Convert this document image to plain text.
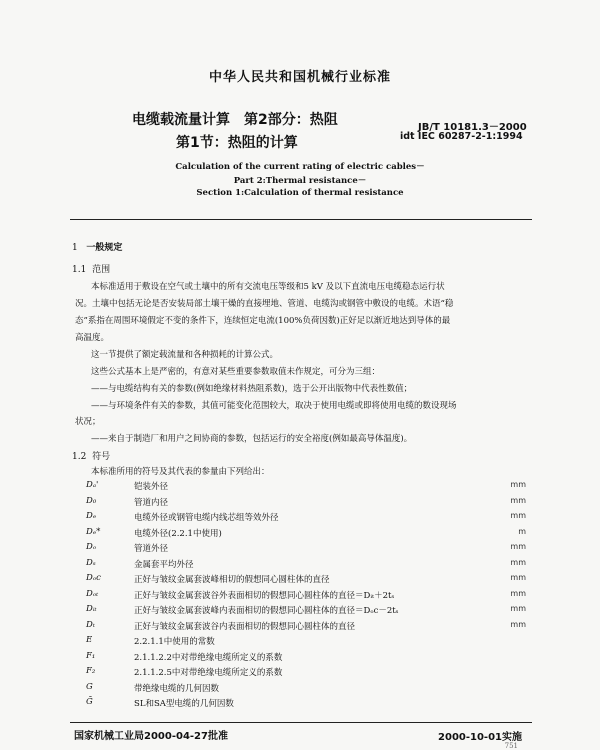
中华人民共和国机械行业标准
电缆载流量计算　第2部分：热阻
第1节：热阻的计算
JB/T 10181.3－2000
idt IEC 60287-2-1:1994
Calculation of the current rating of electric cables－
Part 2:Thermal resistance－
Section 1:Calculation of thermal resistance
1 一般规定
1.1 范围
本标准适用于敷设在空气或土壤中的所有交流电压等级和5 kV 及以下直流电压电缆稳态运行状
况。土壤中包括无论是否安装局部土壤干燥的直接埋地、管道、电缆沟或钢管中敷设的电缆。术语“稳
态”系指在周围环境假定不变的条件下，连续恒定电流(100%负荷因数)正好足以渐近地达到导体的最
高温度。
这一节提供了额定载流量和各种损耗的计算公式。
这些公式基本上是严密的，有意对某些重要参数取值未作规定，可分为三组：
——与电缆结构有关的参数(例如绝缘材料热阻系数)，选于公开出版物中代表性数值；
——与环境条件有关的参数，其值可能变化范围较大，取决于使用电缆或即将使用电缆的数设现场
状况；
——来自于制造厂和用户之间协商的参数，包括运行的安全裕度(例如最高导体温度)。
1.2 符号
本标准所用的符号及其代表的参量由下列给出：
Dₐ'	铠装外径	mm
D₀	管道内径	mm
Dₑ	电缆外径或钢管电缆内线芯组等效外径	mm
Dₑ*	电缆外径(2.2.1中使用)	m
Dₒ	管道外径	mm
Dₛ	金属套平均外径	mm
Dₒc	正好与皱纹金属套波峰相切的假想同心圆柱体的直径	mm
Dₒₜ	正好与皱纹金属套波谷外表面相切的假想同心圆柱体的直径＝Dᵢₜ＋2tₛ	mm
Dᵢₜ	正好与皱纹金属套波峰内表面相切的假想同心圆柱体的直径＝Dₒc－2tₛ	mm
Dₜ	正好与皱纹金属套波谷内表面相切的假想同心圆柱体的直径	mm
E	2.2.1.1中使用的常数
F₁	2.1.1.2.2中对带绝缘电缆所定义的系数
F₂	2.1.1.2.5中对带绝缘电缆所定义的系数
G	带绝缘电缆的几何因数
Ḡ	SL和SA型电缆的几何因数
国家机械工业局2000-04-27批准	2000-10-01实施
751
